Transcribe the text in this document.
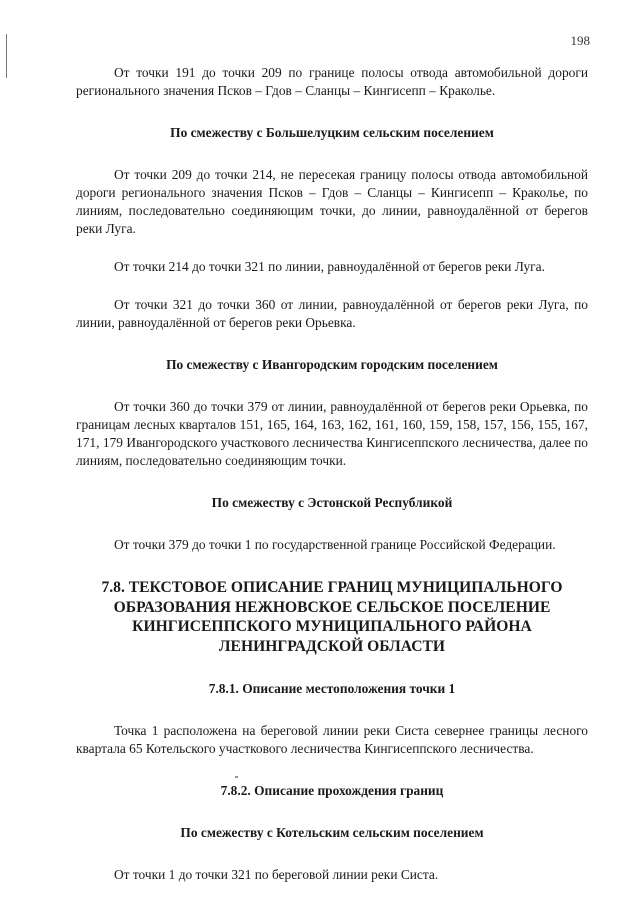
198

От точки 191 до точки 209 по границе полосы отвода автомобильной дороги регионального значения Псков – Гдов – Сланцы – Кингисепп – Краколье.

По смежеству с Большелуцким сельским поселением

От точки 209 до точки 214, не пересекая границу полосы отвода автомобильной дороги регионального значения Псков – Гдов – Сланцы – Кингисепп – Краколье, по линиям, последовательно соединяющим точки, до линии, равноудалённой от берегов реки Луга.

От точки 214 до точки 321 по линии, равноудалённой от берегов реки Луга.

От точки 321 до точки 360 от линии, равноудалённой от берегов реки Луга, по линии, равноудалённой от берегов реки Орьевка.

По смежеству с Ивангородским городским поселением

От точки 360 до точки 379 от линии, равноудалённой от берегов реки Орьевка, по границам лесных кварталов 151, 165, 164, 163, 162, 161, 160, 159, 158, 157, 156, 155, 167, 171, 179 Ивангородского участкового лесничества Кингисеппского лесничества, далее по линиям, последовательно соединяющим точки.

По смежеству с Эстонской Республикой

От точки 379 до точки 1 по государственной границе Российской Федерации.

7.8. ТЕКСТОВОЕ ОПИСАНИЕ ГРАНИЦ МУНИЦИПАЛЬНОГО ОБРАЗОВАНИЯ НЕЖНОВСКОЕ СЕЛЬСКОЕ ПОСЕЛЕНИЕ КИНГИСЕППСКОГО МУНИЦИПАЛЬНОГО РАЙОНА ЛЕНИНГРАДСКОЙ ОБЛАСТИ

7.8.1. Описание местоположения точки 1

Точка 1 расположена на береговой линии реки Систа севернее границы лесного квартала 65 Котельского участкового лесничества Кингисеппского лесничества.

7.8.2. Описание прохождения границ

По смежеству с Котельским сельским поселением

От точки 1 до точки 321 по береговой линии реки Систа.
